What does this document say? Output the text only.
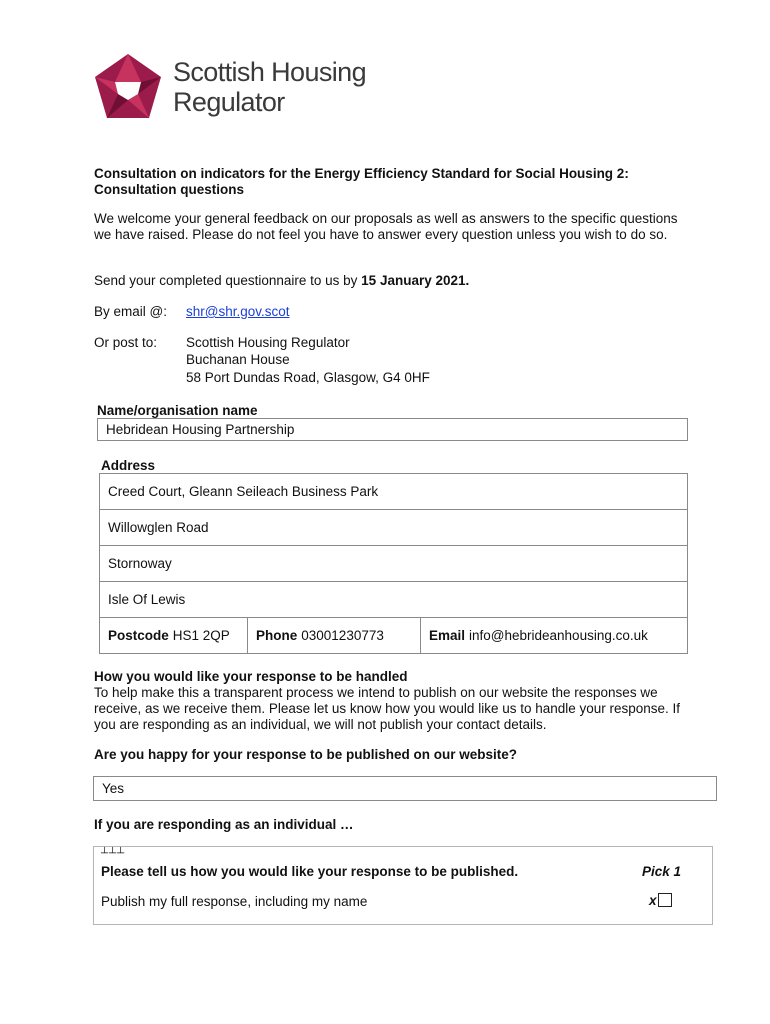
Scottish Housing
Regulator
Consultation on indicators for the Energy Efficiency Standard for Social Housing 2: Consultation questions
We welcome your general feedback on our proposals as well as answers to the specific questions we have raised. Please do not feel you have to answer every question unless you wish to do so.
Send your completed questionnaire to us by 15 January 2021.
By email @: shr@shr.gov.scot
Or post to: Scottish Housing Regulator
Buchanan House
58 Port Dundas Road, Glasgow, G4 0HF
Name/organisation name
Hebridean Housing Partnership
Address
Creed Court, Gleann Seileach Business Park
Willowglen Road
Stornoway
Isle Of Lewis
Postcode HS1 2QP Phone 03001230773	Email info@hebrideanhousing.co.uk
How you would like your response to be handled
To help make this a transparent process we intend to publish on our website the responses we receive, as we receive them. Please let us know how you would like us to handle your response. If you are responding as an individual, we will not publish your contact details.
Are you happy for your response to be published on our website?
Yes
If you are responding as an individual …
┴┴┴
Please tell us how you would like your response to be published.	Pick 1
Publish my full response, including my name	x
